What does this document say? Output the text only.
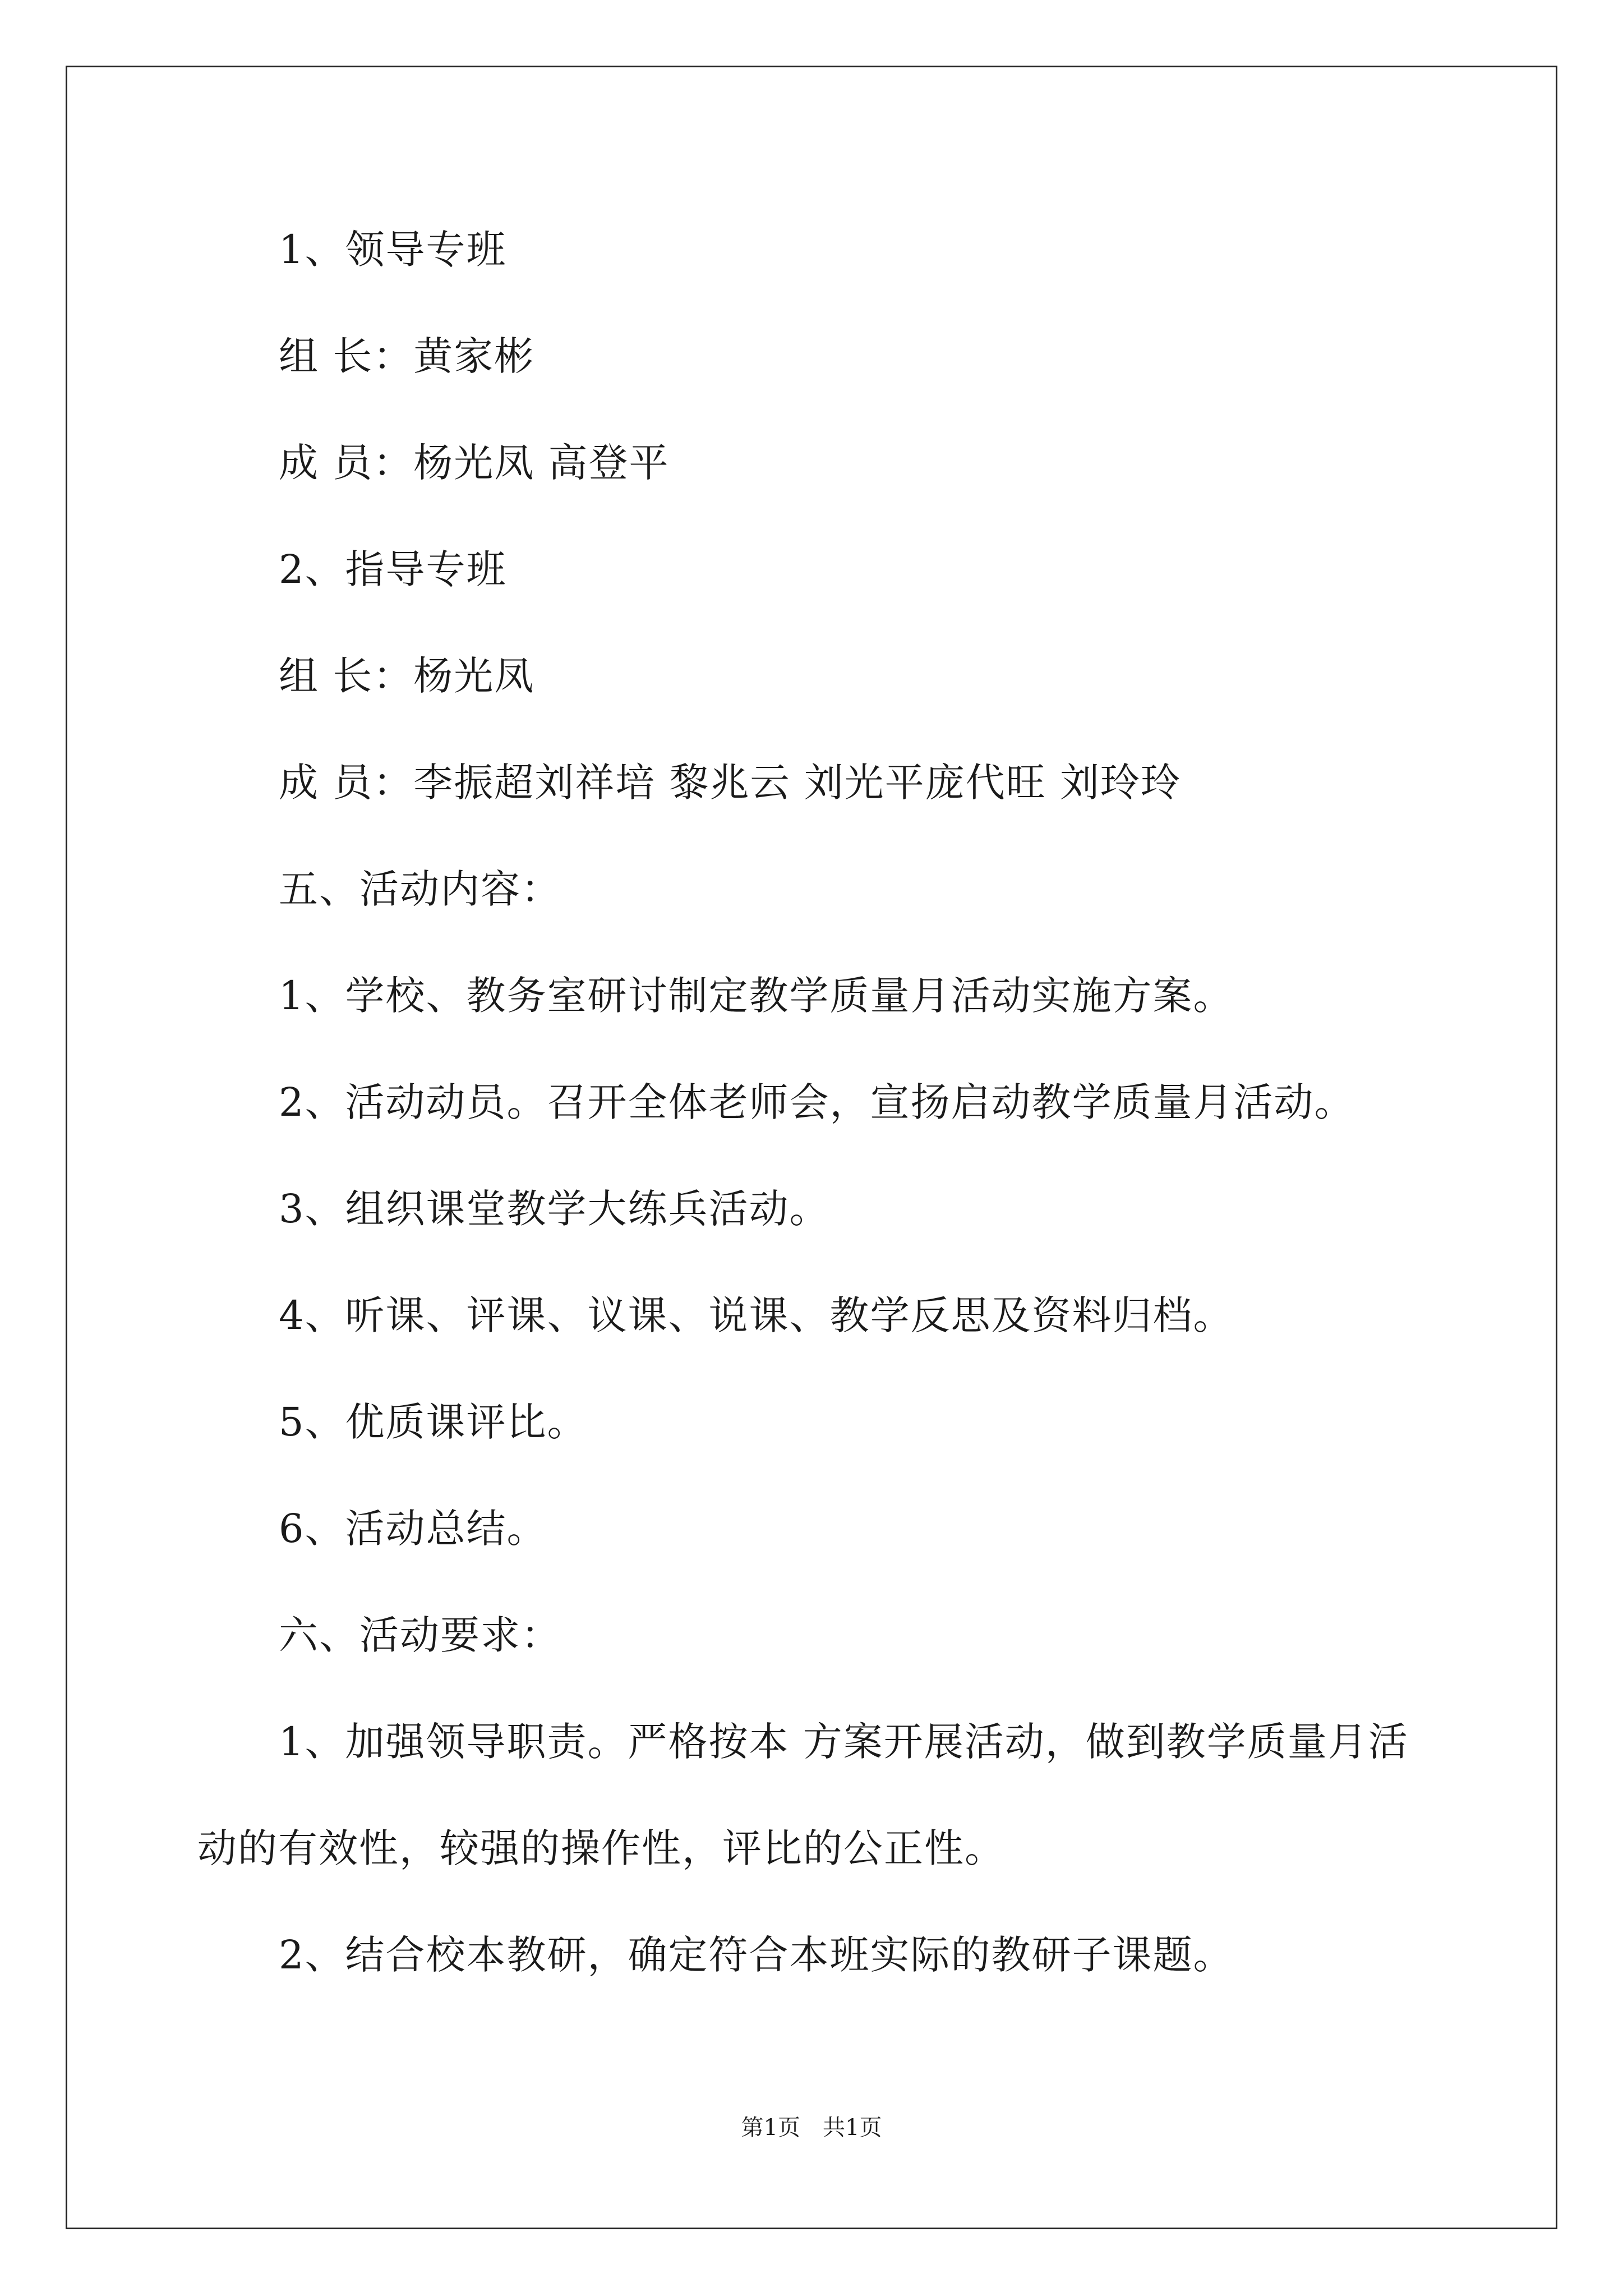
1、领导专班
组 长：黄家彬
成 员：杨光凤 高登平
2、指导专班
组 长：杨光凤
成 员：李振超刘祥培 黎兆云 刘光平庞代旺 刘玲玲
五、活动内容：
1、学校、教务室研讨制定教学质量月活动实施方案。
2、活动动员。召开全体老师会，宣扬启动教学质量月活动。
3、组织课堂教学大练兵活动。
4、听课、评课、议课、说课、教学反思及资料归档。
5、优质课评比。
6、活动总结。
六、活动要求：
1、加强领导职责。严格按本 方案开展活动，做到教学质量月活
动的有效性，较强的操作性，评比的公正性。
2、结合校本教研，确定符合本班实际的教研子课题。
第1页　共1页
